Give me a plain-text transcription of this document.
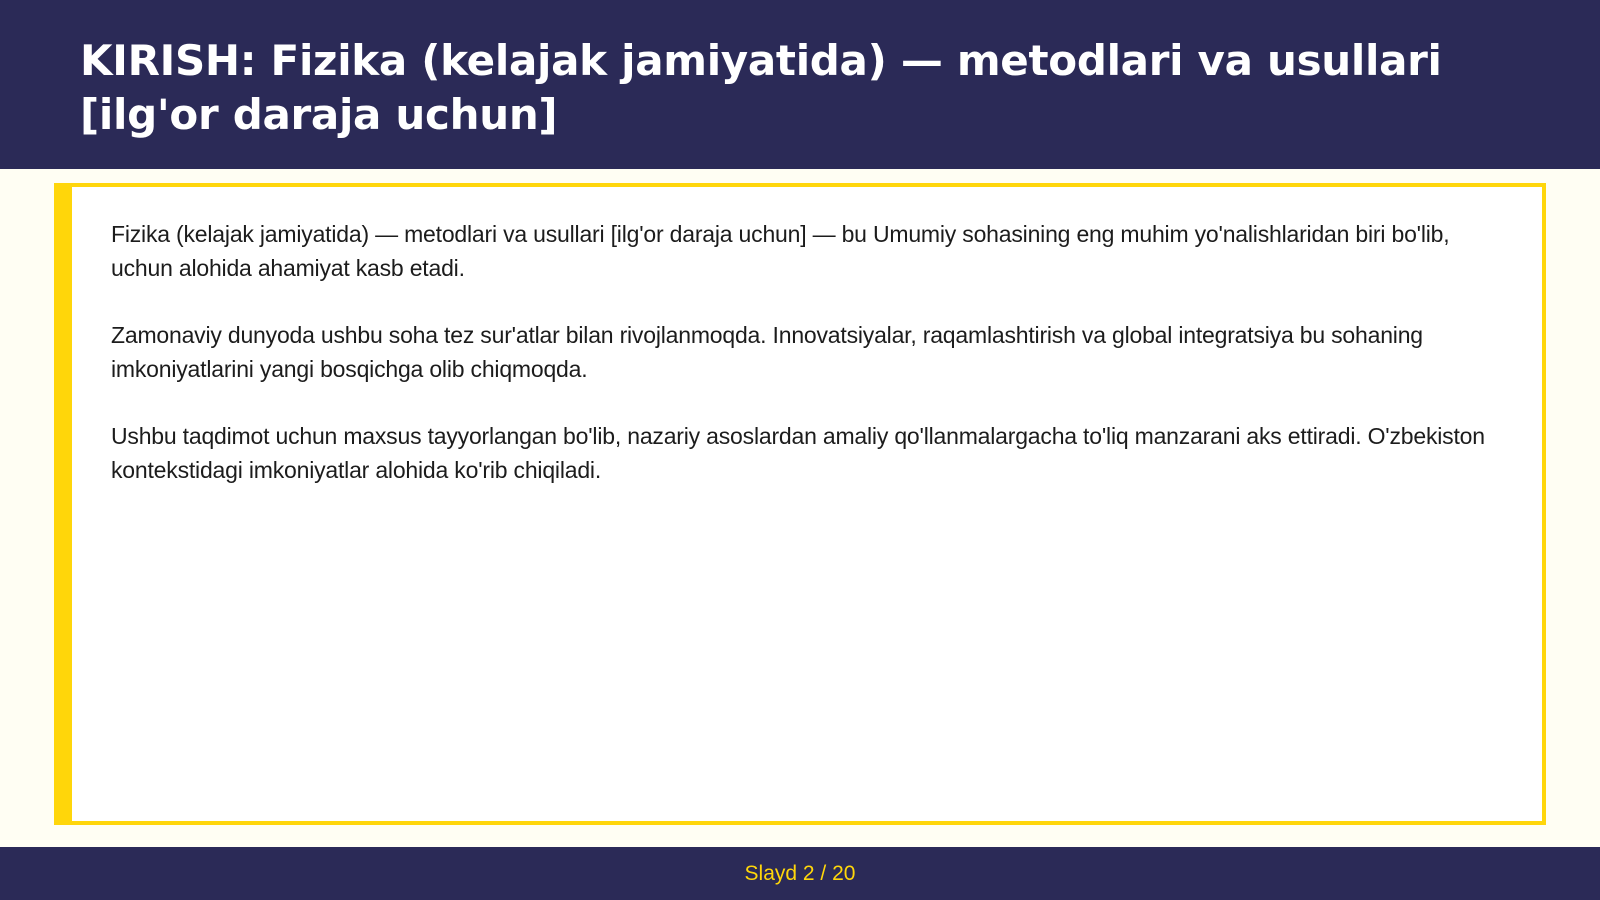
KIRISH: Fizika (kelajak jamiyatida) — metodlari va usullari [ilg'or daraja uchun]

Fizika (kelajak jamiyatida) — metodlari va usullari [ilg'or daraja uchun] — bu Umumiy sohasining eng muhim yo'nalishlaridan biri bo'lib, uchun alohida ahamiyat kasb etadi.

Zamonaviy dunyoda ushbu soha tez sur'atlar bilan rivojlanmoqda. Innovatsiyalar, raqamlashtirish va global integratsiya bu sohaning imkoniyatlarini yangi bosqichga olib chiqmoqda.

Ushbu taqdimot uchun maxsus tayyorlangan bo'lib, nazariy asoslardan amaliy qo'llanmalargacha to'liq manzarani aks ettiradi. O'zbekiston kontekstidagi imkoniyatlar alohida ko'rib chiqiladi.

Slayd 2 / 20
